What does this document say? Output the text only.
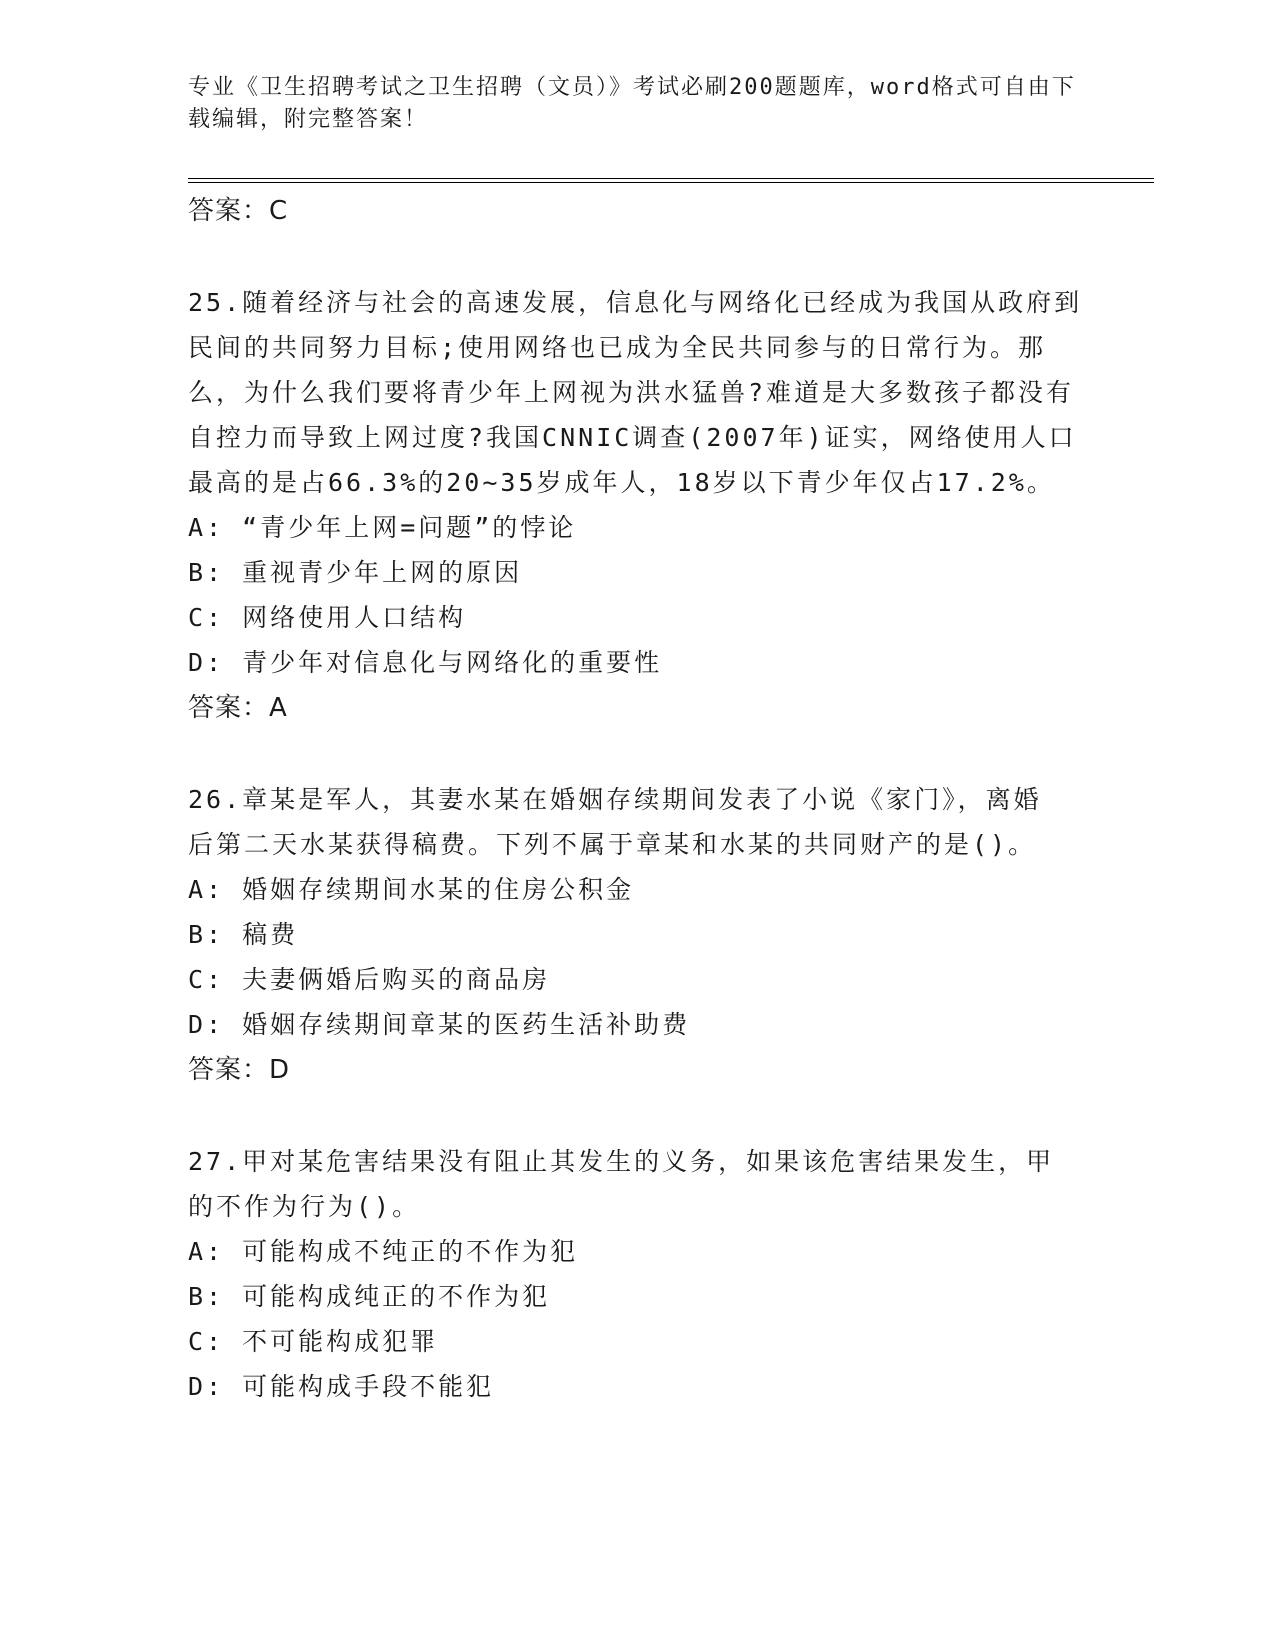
专业《卫生招聘考试之卫生招聘（文员）》考试必刷200题题库，word格式可自由下载编辑，附完整答案！

答案：C

25.随着经济与社会的高速发展，信息化与网络化已经成为我国从政府到民间的共同努力目标;使用网络也已成为全民共同参与的日常行为。那么，为什么我们要将青少年上网视为洪水猛兽?难道是大多数孩子都没有自控力而导致上网过度?我国CNNIC调查(2007年)证实，网络使用人口最高的是占66.3%的20~35岁成年人，18岁以下青少年仅占17.2%。

A: “青少年上网=问题”的悖论

B: 重视青少年上网的原因

C: 网络使用人口结构

D: 青少年对信息化与网络化的重要性

答案：A

26.章某是军人，其妻水某在婚姻存续期间发表了小说《家门》，离婚后第二天水某获得稿费。下列不属于章某和水某的共同财产的是()。

A: 婚姻存续期间水某的住房公积金

B: 稿费

C: 夫妻俩婚后购买的商品房

D: 婚姻存续期间章某的医药生活补助费

答案：D

27.甲对某危害结果没有阻止其发生的义务，如果该危害结果发生，甲的不作为行为()。

A: 可能构成不纯正的不作为犯

B: 可能构成纯正的不作为犯

C: 不可能构成犯罪

D: 可能构成手段不能犯
